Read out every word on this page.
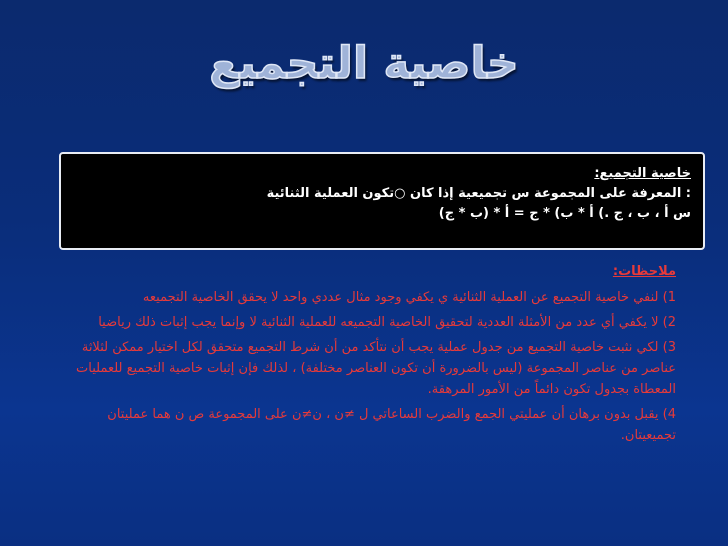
خاصية التجميع
خاصية التجميع:
: المعرفة على المجموعة س تجميعية إذا كان ○تكون العملية الثنائية
س أ ، ب ، ج .) أ * ب) * ج = أ * (ب * ج)
ملاحظات:
1) لنفي خاصية التجميع عن العملية الثنائية ي يكفي وجود مثال عددي واحد لا يحقق الخاصية التجميعه
2) لا يكفي أي عدد من الأمثلة العددية لتحقيق الخاصية التجميعه للعملية الثنائية لا وإنما يجب إثبات ذلك رياضيا
3) لكي نثبت خاصية التجميع من جدول عملية يجب أن نتأكد من أن شرط التجميع متحقق لكل اختيار ممكن لثلاثة عناصر من عناصر المجموعة (ليس بالضرورة أن تكون العناصر مختلفة) ، لذلك فإن إثبات خاصية التجميع للعمليات المعطاة بجدول تكون دائماً من الأمور المرهقة.
4) يقبل بدون برهان أن عمليتي الجمع والضرب الساعاتي ل ≠ن ، ن≠ن على المجموعة ص ن هما عمليتان تجميعيتان.
